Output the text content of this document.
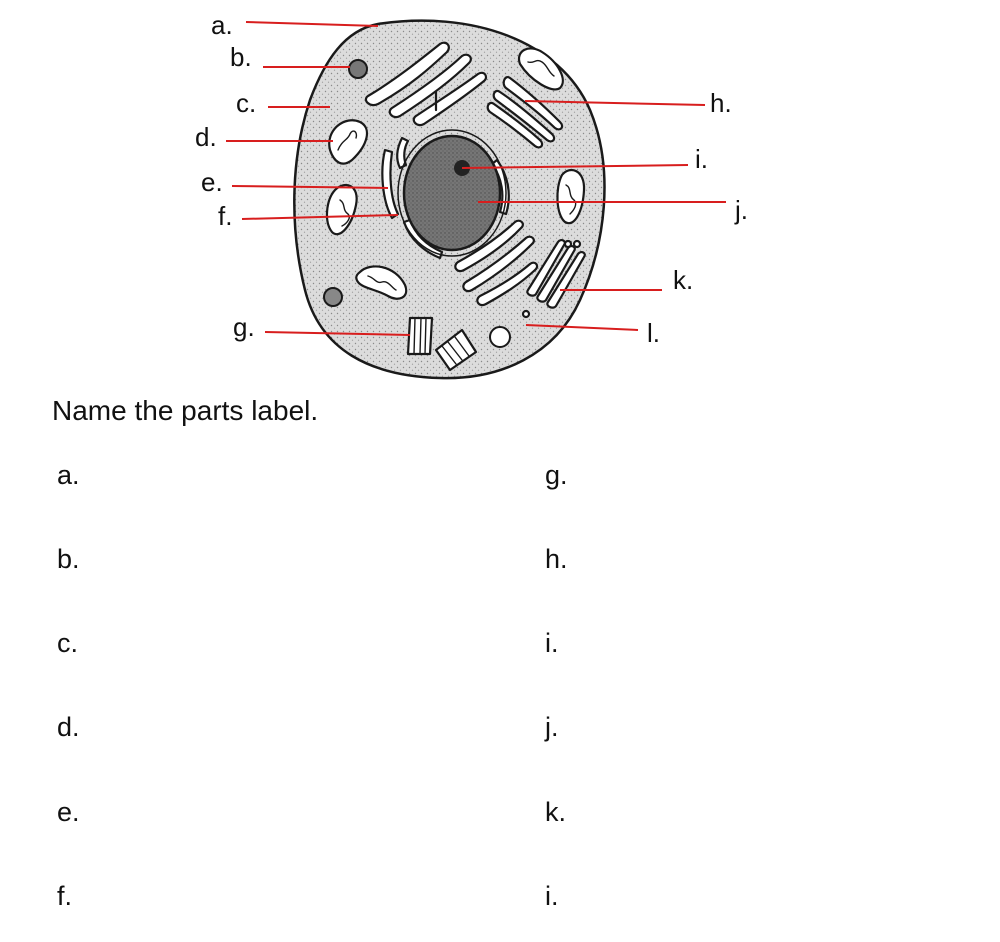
a.
b.
c.
d.
e.
f.
g.
h.
i.
j.
k.
l.
Name the parts label.
a.
b.
c.
d.
e.
f.
g.
h.
i.
j.
k.
i.
